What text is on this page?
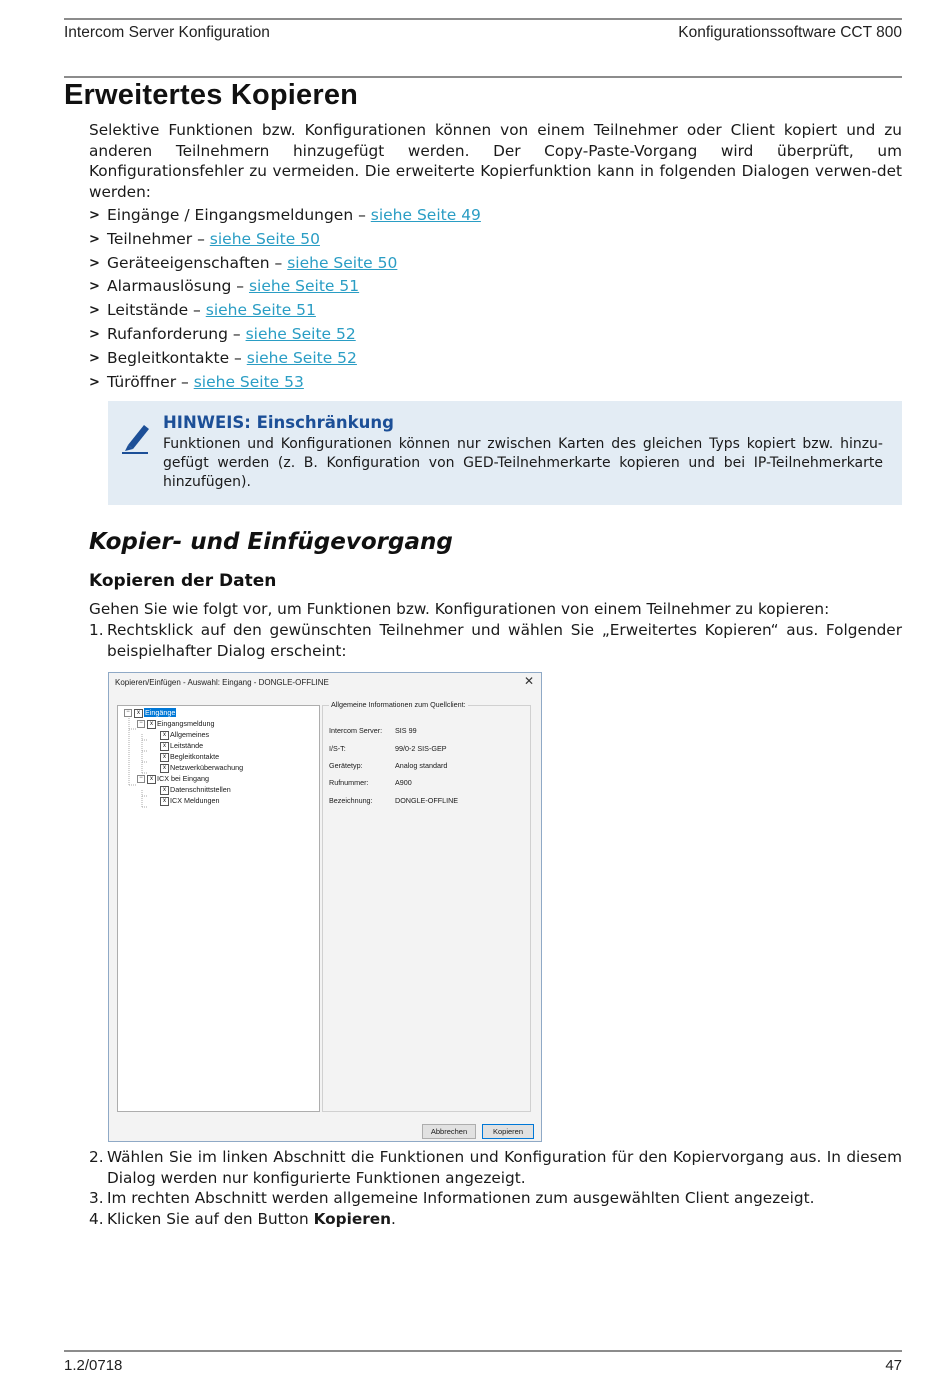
Intercom Server Konfiguration	Konfigurationssoftware CCT 800
Erweitertes Kopieren
Selektive Funktionen bzw. Konfigurationen können von einem Teilnehmer oder Client kopiert und zu anderen Teilnehmern hinzugefügt werden. Der Copy-Paste-Vorgang wird überprüft, um Konfigurationsfehler zu vermeiden. Die erweiterte Kopierfunktion kann in folgenden Dialogen verwen-det werden:
> Eingänge / Eingangsmeldungen – siehe Seite 49
> Teilnehmer – siehe Seite 50
> Geräteeigenschaften – siehe Seite 50
> Alarmauslösung – siehe Seite 51
> Leitstände – siehe Seite 51
> Rufanforderung – siehe Seite 52
> Begleitkontakte – siehe Seite 52
> Türöffner – siehe Seite 53
HINWEIS: Einschränkung
Funktionen und Konfigurationen können nur zwischen Karten des gleichen Typs kopiert bzw. hinzu-gefügt werden (z. B. Konfiguration von GED-Teilnehmerkarte kopieren und bei IP-Teilnehmerkarte hinzufügen).
Kopier- und Einfügevorgang
Kopieren der Daten
Gehen Sie wie folgt vor, um Funktionen bzw. Konfigurationen von einem Teilnehmer zu kopieren:
1. Rechtsklick auf den gewünschten Teilnehmer und wählen Sie „Erweitertes Kopieren“ aus. Folgender beispielhafter Dialog erscheint:
Kopieren/Einfügen - Auswahl: Eingang - DONGLE-OFFLINE	✕
− x Eingänge
− x Eingangsmeldung
x Allgemeines
x Leitstände
x Begleitkontakte
x Netzwerküberwachung
− x ICX bei Eingang
x Datenschnittstellen
x ICX Meldungen
Allgemeine Informationen zum Quellclient:
Intercom Server: SIS 99
I/S-T:	99/0-2 SIS-GEP
Gerätetyp:	Analog standard
Rufnummer:	A900
Bezeichnung:	DONGLE-OFFLINE
Abbrechen	Kopieren
2. Wählen Sie im linken Abschnitt die Funktionen und Konfiguration für den Kopiervorgang aus. In diesem Dialog werden nur konfigurierte Funktionen angezeigt.
3. Im rechten Abschnitt werden allgemeine Informationen zum ausgewählten Client angezeigt.
4. Klicken Sie auf den Button Kopieren.
1.2/0718	47
